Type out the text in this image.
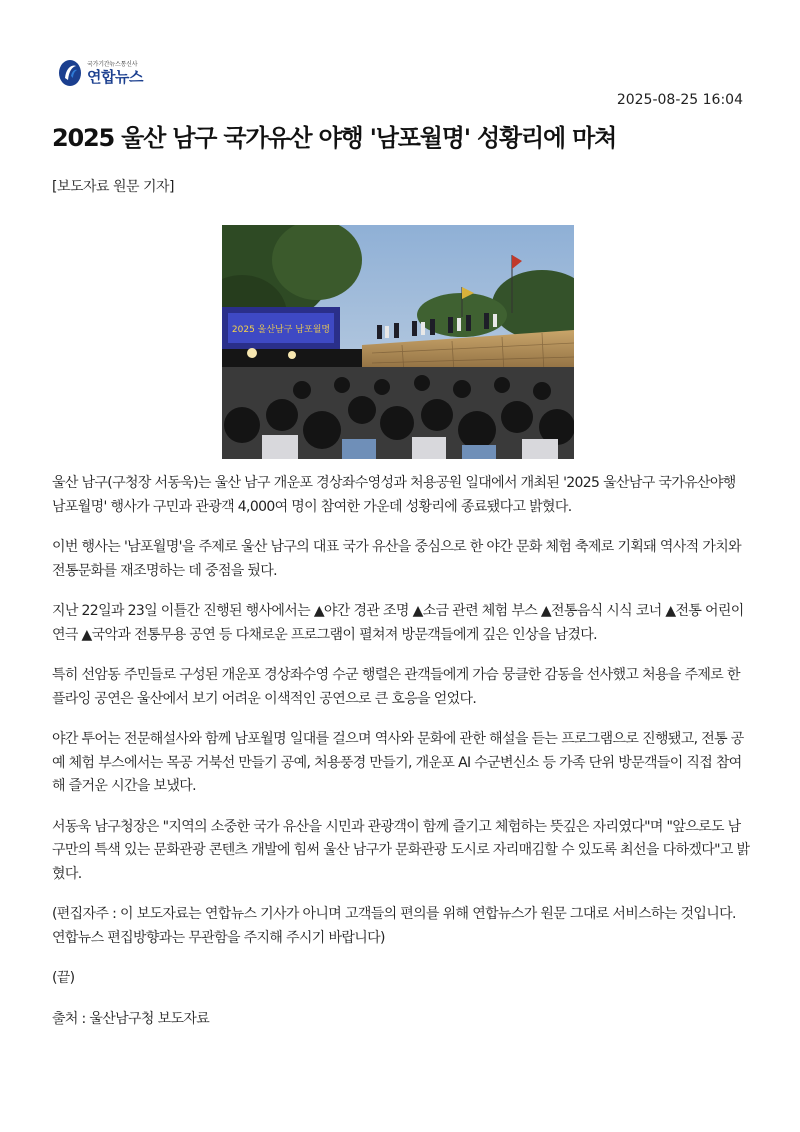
국가기간뉴스통신사
연합뉴스
2025-08-25 16:04
2025 울산 남구 국가유산 야행 '남포월명' 성황리에 마쳐
[보도자료 원문 기자]
2025 울산남구 남포월명

울산 남구(구청장 서동욱)는 울산 남구 개운포 경상좌수영성과 처용공원 일대에서 개최된 '2025 울산남구 국가유산야행 남포월명' 행사가 구민과 관광객 4,000여 명이 참여한 가운데 성황리에 종료됐다고 밝혔다.

이번 행사는 '남포월명'을 주제로 울산 남구의 대표 국가 유산을 중심으로 한 야간 문화 체험 축제로 기획돼 역사적 가치와 전통문화를 재조명하는 데 중점을 뒀다.

지난 22일과 23일 이틀간 진행된 행사에서는 ▲야간 경관 조명 ▲소금 관련 체험 부스 ▲전통음식 시식 코너 ▲전통 어린이 연극 ▲국악과 전통무용 공연 등 다채로운 프로그램이 펼쳐져 방문객들에게 깊은 인상을 남겼다.

특히 선암동 주민들로 구성된 개운포 경상좌수영 수군 행렬은 관객들에게 가슴 뭉클한 감동을 선사했고 처용을 주제로 한 플라잉 공연은 울산에서 보기 어려운 이색적인 공연으로 큰 호응을 얻었다.

야간 투어는 전문해설사와 함께 남포월명 일대를 걸으며 역사와 문화에 관한 해설을 듣는 프로그램으로 진행됐고, 전통 공예 체험 부스에서는 목공 거북선 만들기 공예, 처용풍경 만들기, 개운포 AI 수군변신소 등 가족 단위 방문객들이 직접 참여해 즐거운 시간을 보냈다.

서동욱 남구청장은 "지역의 소중한 국가 유산을 시민과 관광객이 함께 즐기고 체험하는 뜻깊은 자리였다"며 "앞으로도 남구만의 특색 있는 문화관광 콘텐츠 개발에 힘써 울산 남구가 문화관광 도시로 자리매김할 수 있도록 최선을 다하겠다"고 밝혔다.

(편집자주 : 이 보도자료는 연합뉴스 기사가 아니며 고객들의 편의를 위해 연합뉴스가 원문 그대로 서비스하는 것입니다. 연합뉴스 편집방향과는 무관함을 주지해 주시기 바랍니다)

(끝)

출처 : 울산남구청 보도자료
